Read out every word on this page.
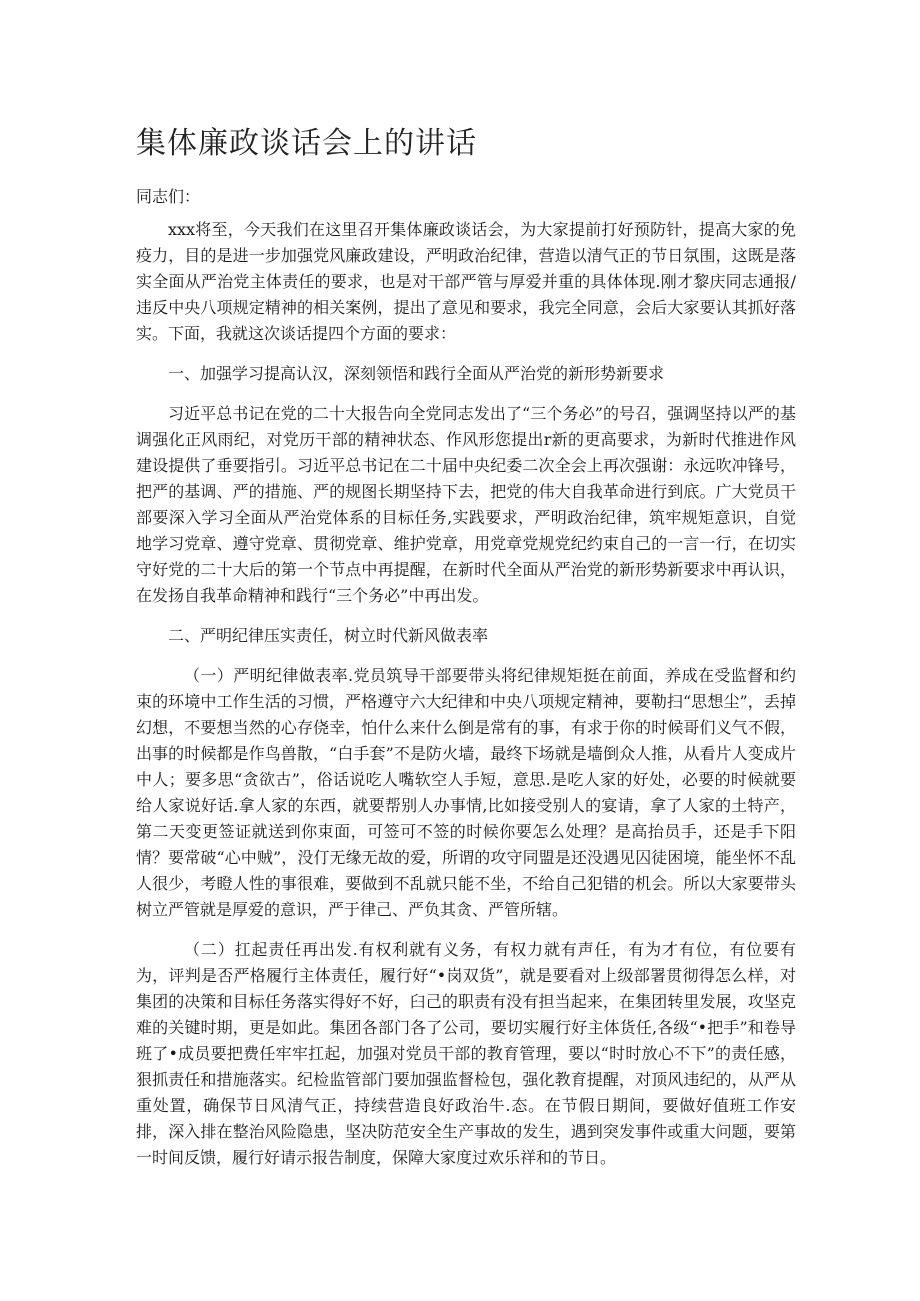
集体廉政谈话会上的讲话

同志们：

xxx将至，今天我们在这里召开集体廉政谈话会，为大家提前打好预防针，提高大家的免疫力，目的是进一步加强党风廉政建设，严明政治纪律，营造以清气正的节日氛围，这既是落实全面从严治党主体责任的要求，也是对干部严管与厚爱并重的具体体现.刚才黎庆同志通报/违反中央八项规定精神的相关案例，提出了意见和要求，我完全同意，会后大家要认其抓好落实。下面，我就这次谈话提四个方面的要求：

一、加强学习提高认汉，深刻领悟和践行全面从严治党的新形势新要求

习近平总书记在党的二十大报告向全党同志发出了“三个务必”的号召，强调坚持以严的基调强化正风雨纪，对党历干部的精神状态、作风形您提出r新的更高要求，为新时代推进作风建设提供了垂要指引。习近平总书记在二十届中央纪委二次全会上再次强谢：永远吹冲锋号，把严的基调、严的措施、严的规图长期坚持下去，把党的伟大自我革命进行到底。广大党员干部要深入学习全面从严治党体系的目标任务,实践要求，严明政治纪律，筑牢规矩意识，自觉地学习党章、遵守党章、贯彻党章、维护党章，用党章党规党纪约束自己的一言一行，在切实守好党的二十大后的第一个节点中再提醒，在新时代全面从严治党的新形势新要求中再认识，在发扬自我革命精神和践行“三个务必”中再出发。

二、严明纪律压实责任，树立时代新风做表率

（一）严明纪律做表率.党员筑导干部要带头将纪律规矩挺在前面，养成在受监督和约束的环境中工作生活的习惯，严格遵守六大纪律和中央八项规定精神，要勒扫“思想尘”，丢掉幻想，不要想当然的心存侥幸，怕什么来什么倒是常有的事，有求于你的时候哥们义气不假，出事的时候都是作鸟兽散，“白手套”不是防火墙，最终下场就是墙倒众人推，从看片人变成片中人；要多思“贪欲古”，俗话说吃人嘴软空人手短，意思.是吃人家的好处，必要的时候就要给人家说好话.拿人家的东西，就要帮别人办事情,比如接受别人的宴请，拿了人家的土特产，第二天变更签证就送到你束面，可签可不签的时候你要怎么处理？是高抬员手，还是手下阳情？要常破“心中贼”，没仃无缘无故的爱，所谓的攻守同盟是还没遇见囚徒困境，能坐怀不乱人很少，考瞪人性的事很难，要做到不乱就只能不坐，不给自己犯错的机会。所以大家要带头树立严管就是厚爱的意识，严于律己、严负其贪、严管所辖。

（二）扛起责任再出发.有权利就有义务，有权力就有声任，有为才有位，有位要有为，评判是否严格履行主体责任，履行好“•岗双货”，就是要看对上级部署贯彻得怎么样，对集团的决策和目标任务落实得好不好，臼己的职责有没有担当起来，在集团转里发展，攻坚克难的关键时期，更是如此。集团各部门各了公司，要切实履行好主体货任,各级“•把手”和卷导班了•成员要把费任牢牢扛起，加强对党员干部的教育管理，要以“时时放心不下”的责任感，狠抓责任和措施落实。纪检监管部门要加强监督检包，强化教育提醒，对顶风违纪的，从严从重处置，确保节日风清气正，持续营造良好政治牛.态。在节假日期间，要做好值班工作安排，深入排在整治风险隐患，坚决防范安全生产事故的发生，遇到突发事件或重大问题，要第一时间反馈，履行好请示报告制度，保障大家度过欢乐祥和的节日。
